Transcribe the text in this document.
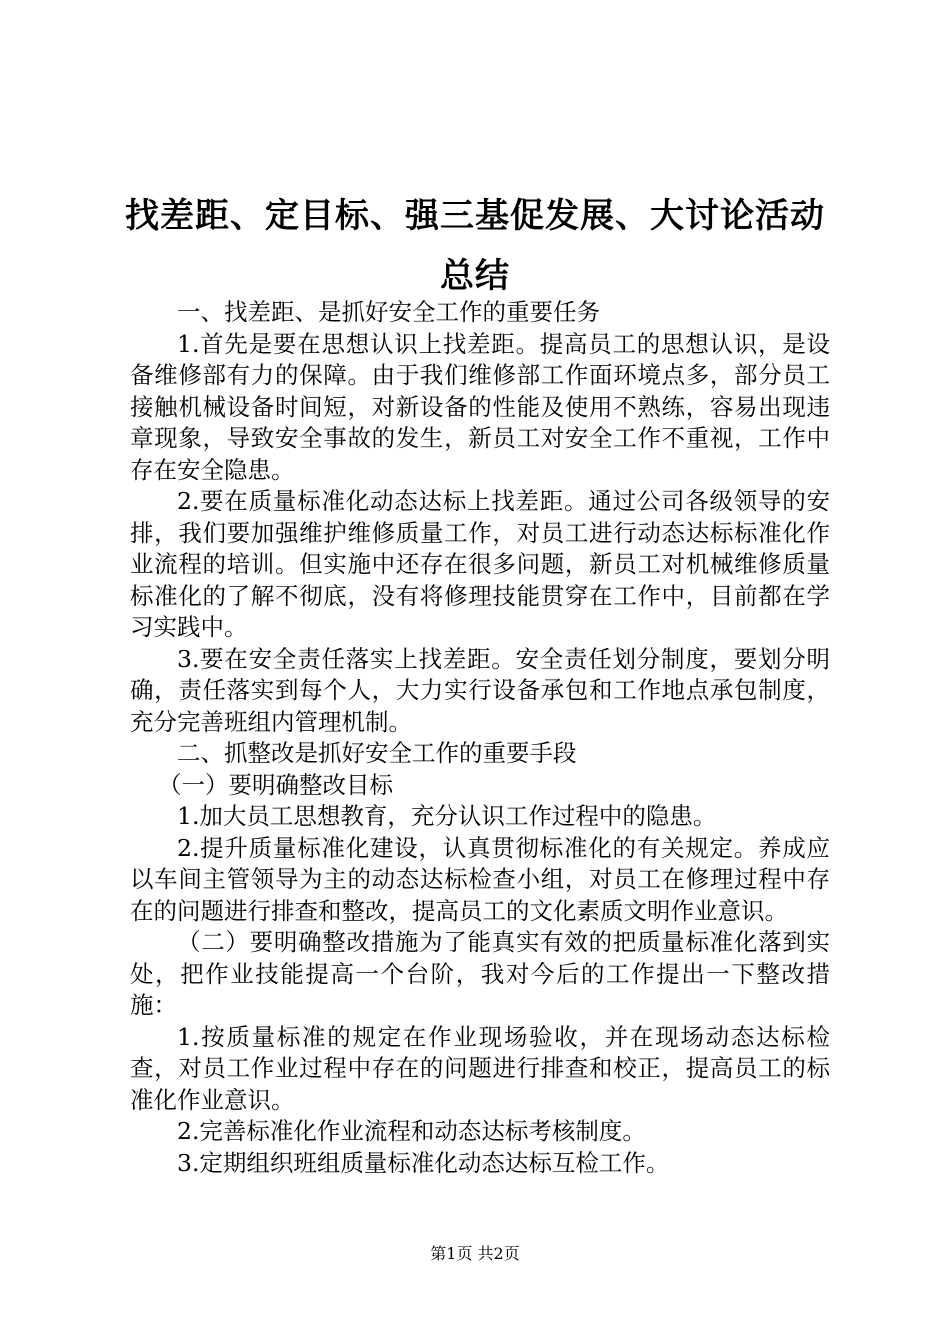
找差距、定目标、强三基促发展、大讨论活动
总结

一、找差距、是抓好安全工作的重要任务

1.首先是要在思想认识上找差距。提高员工的思想认识，是设备维修部有力的保障。由于我们维修部工作面环境点多，部分员工接触机械设备时间短，对新设备的性能及使用不熟练，容易出现违章现象，导致安全事故的发生，新员工对安全工作不重视，工作中存在安全隐患。

2.要在质量标准化动态达标上找差距。通过公司各级领导的安排，我们要加强维护维修质量工作，对员工进行动态达标标准化作业流程的培训。但实施中还存在很多问题，新员工对机械维修质量标准化的了解不彻底，没有将修理技能贯穿在工作中，目前都在学习实践中。

3.要在安全责任落实上找差距。安全责任划分制度，要划分明确，责任落实到每个人，大力实行设备承包和工作地点承包制度，充分完善班组内管理机制。

二、抓整改是抓好安全工作的重要手段

（一）要明确整改目标

1.加大员工思想教育，充分认识工作过程中的隐患。

2.提升质量标准化建设，认真贯彻标准化的有关规定。养成应以车间主管领导为主的动态达标检查小组，对员工在修理过程中存在的问题进行排查和整改，提高员工的文化素质文明作业意识。

（二）要明确整改措施为了能真实有效的把质量标准化落到实处，把作业技能提高一个台阶，我对今后的工作提出一下整改措施：

1.按质量标准的规定在作业现场验收，并在现场动态达标检查，对员工作业过程中存在的问题进行排查和校正，提高员工的标准化作业意识。

2.完善标准化作业流程和动态达标考核制度。

3.定期组织班组质量标准化动态达标互检工作。

第1页 共2页
